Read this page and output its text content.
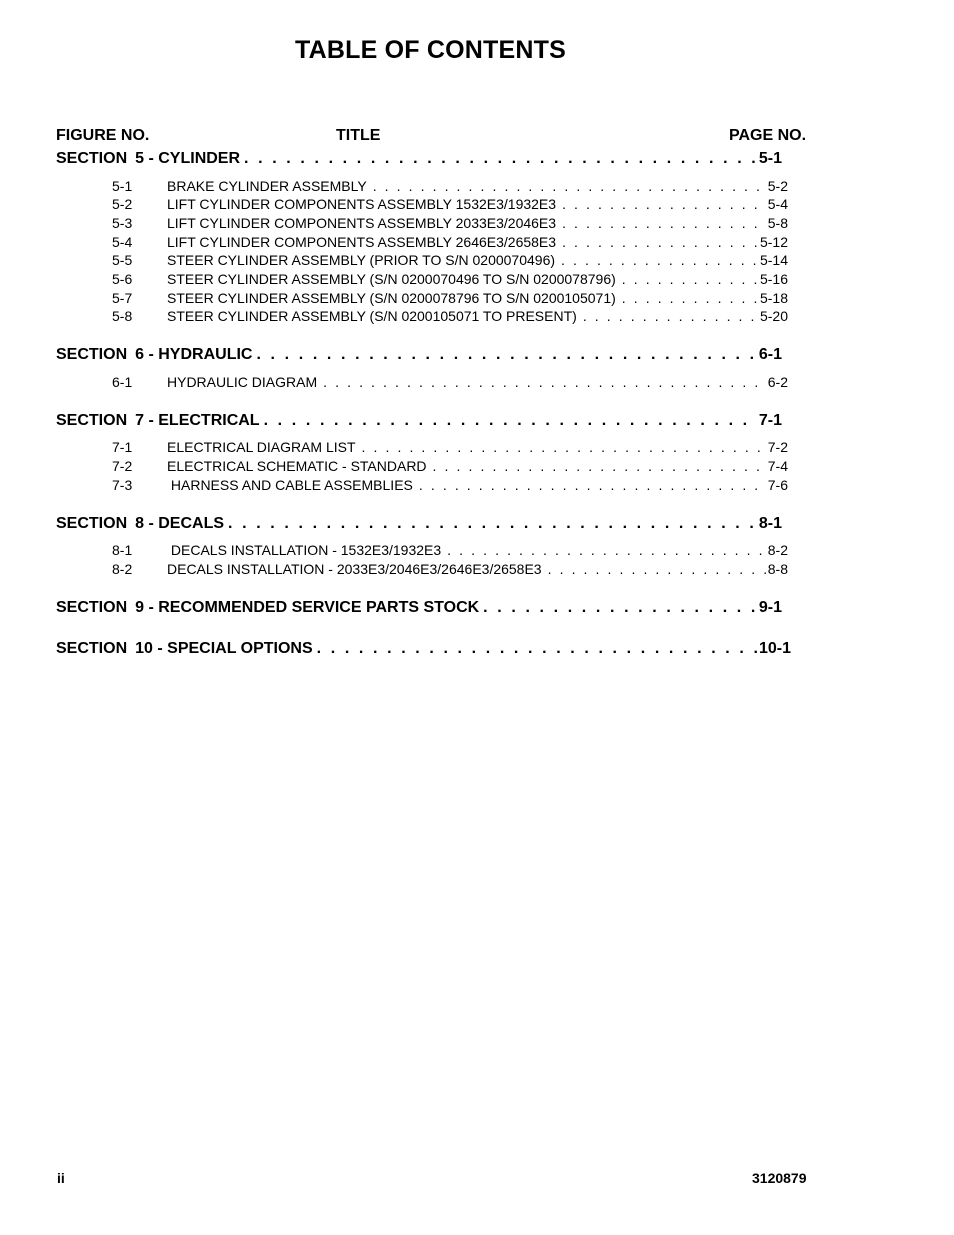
TABLE OF CONTENTS
FIGURE NO.	TITLE	PAGE NO.
SECTION 5 - CYLINDER . . .	5-1
5-1	BRAKE CYLINDER ASSEMBLY . . .	5-2
5-2	LIFT CYLINDER COMPONENTS ASSEMBLY 1532E3/1932E3 . . .	5-4
5-3	LIFT CYLINDER COMPONENTS ASSEMBLY 2033E3/2046E3 . . .	5-8
5-4	LIFT CYLINDER COMPONENTS ASSEMBLY 2646E3/2658E3 . . .	5-12
5-5	STEER CYLINDER ASSEMBLY (PRIOR TO S/N 0200070496) . . .	5-14
5-6	STEER CYLINDER ASSEMBLY (S/N 0200070496 TO S/N 0200078796) . . .	5-16
5-7	STEER CYLINDER ASSEMBLY (S/N 0200078796 TO S/N 0200105071) . . .	5-18
5-8	STEER CYLINDER ASSEMBLY (S/N 0200105071 TO PRESENT) . . .	5-20
SECTION 6 - HYDRAULIC . . .	6-1
6-1	HYDRAULIC DIAGRAM . . .	6-2
SECTION 7 - ELECTRICAL . . .	7-1
7-1	ELECTRICAL DIAGRAM LIST . . .	7-2
7-2	ELECTRICAL SCHEMATIC - STANDARD . . .	7-4
7-3	HARNESS AND CABLE ASSEMBLIES . . .	7-6
SECTION 8 - DECALS . . .	8-1
8-1	DECALS INSTALLATION - 1532E3/1932E3 . . .	8-2
8-2	DECALS INSTALLATION - 2033E3/2046E3/2646E3/2658E3 . . .	8-8
SECTION 9 - RECOMMENDED SERVICE PARTS STOCK . . .	9-1
SECTION 10 - SPECIAL OPTIONS . . .	10-1
ii	3120879
